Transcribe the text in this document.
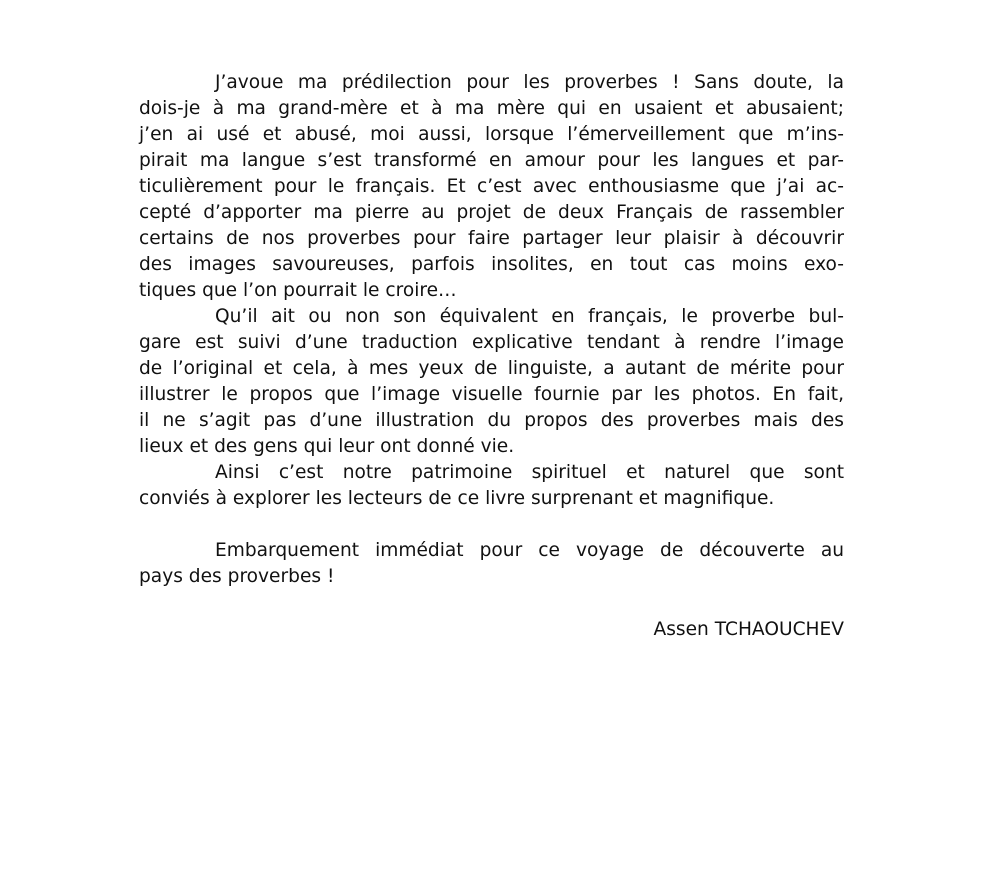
J’avoue ma prédilection pour les proverbes ! Sans doute, la
dois-je à ma grand-mère et à ma mère qui en usaient et abusaient;
j’en ai usé et abusé, moi aussi, lorsque l’émerveillement que m’ins-
pirait ma langue s’est transformé en amour pour les langues et par-
ticulièrement pour le français. Et c’est avec enthousiasme que j’ai ac-
cepté d’apporter ma pierre au projet de deux Français de rassembler
certains de nos proverbes pour faire partager leur plaisir à découvrir
des images savoureuses, parfois insolites, en tout cas moins exo-
tiques que l’on pourrait le croire…
Qu’il ait ou non son équivalent en français, le proverbe bul-
gare est suivi d’une traduction explicative tendant à rendre l’image
de l’original et cela, à mes yeux de linguiste, a autant de mérite pour
illustrer le propos que l’image visuelle fournie par les photos. En fait,
il ne s’agit pas d’une illustration du propos des proverbes mais des
lieux et des gens qui leur ont donné vie.
Ainsi c’est notre patrimoine spirituel et naturel que sont
conviés à explorer les lecteurs de ce livre surprenant et magnifique.
Embarquement immédiat pour ce voyage de découverte au
pays des proverbes !
Assen TCHAOUCHEV
